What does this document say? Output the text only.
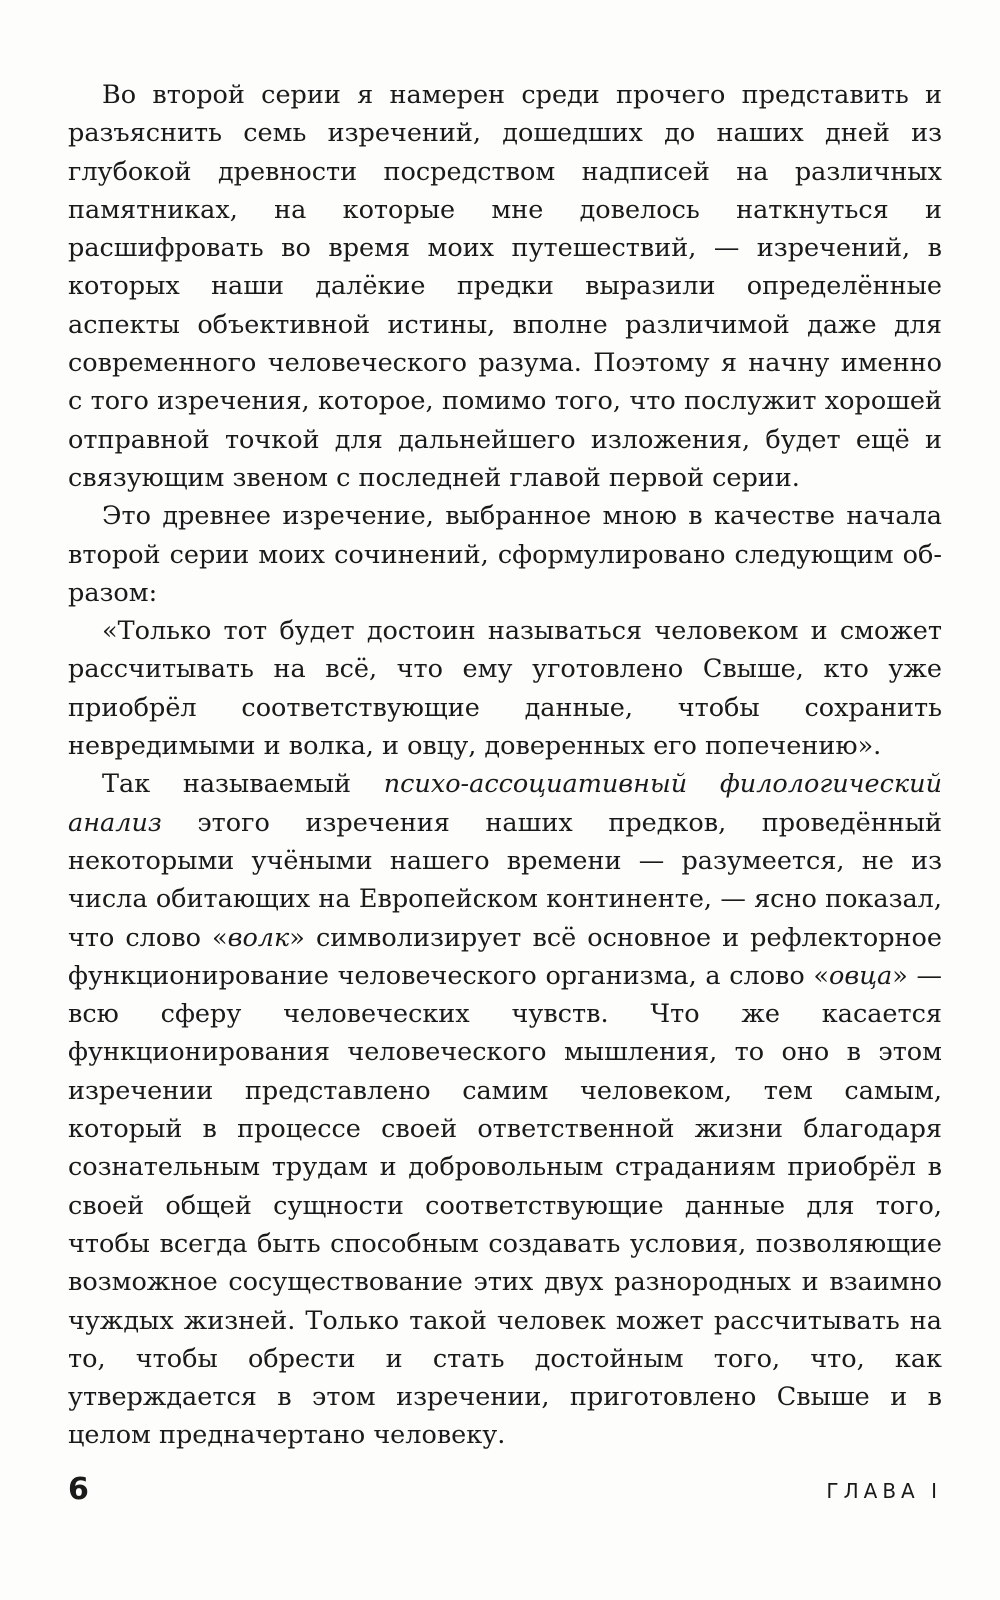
Во второй серии я намерен среди прочего представить и разъяснить семь изречений, дошедших до наших дней из глубокой древности посредством надписей на различных памятниках, на которые мне довелось наткнуться и расшифровать во время моих путешествий, — изречений, в которых наши далёкие предки выразили определённые аспекты объективной истины, вполне различимой даже для современного человеческого разума. Поэтому я начну именно с того изречения, которое, помимо того, что послужит хорошей отправной точкой для дальнейшего изложения, будет ещё и связующим звеном с последней главой первой серии.

Это древнее изречение, выбранное мною в качестве начала второй серии моих сочинений, сформулировано следующим образом:

«Только тот будет достоин называться человеком и сможет рассчитывать на всё, что ему уготовлено Свыше, кто уже приобрёл соответствующие данные, чтобы сохранить невредимыми и волка, и овцу, доверенных его попечению».

Так называемый психо-ассоциативный филологический анализ этого изречения наших предков, проведённый некоторыми учёными нашего времени — разумеется, не из числа обитающих на Европейском континенте, — ясно показал, что слово «волк» символизирует всё основное и рефлекторное функционирование человеческого организма, а слово «овца» — всю сферу человеческих чувств. Что же касается функционирования человеческого мышления, то оно в этом изречении представлено самим человеком, тем самым, который в процессе своей ответственной жизни благодаря сознательным трудам и добровольным страданиям приобрёл в своей общей сущности соответствующие данные для того, чтобы всегда быть способным создавать условия, позволяющие возможное сосуществование этих двух разнородных и взаимно чуждых жизней. Только такой человек может рассчитывать на то, чтобы обрести и стать достойным того, что, как утверждается в этом изречении, приготовлено Свыше и в целом предначертано человеку.

6	ГЛАВА I
